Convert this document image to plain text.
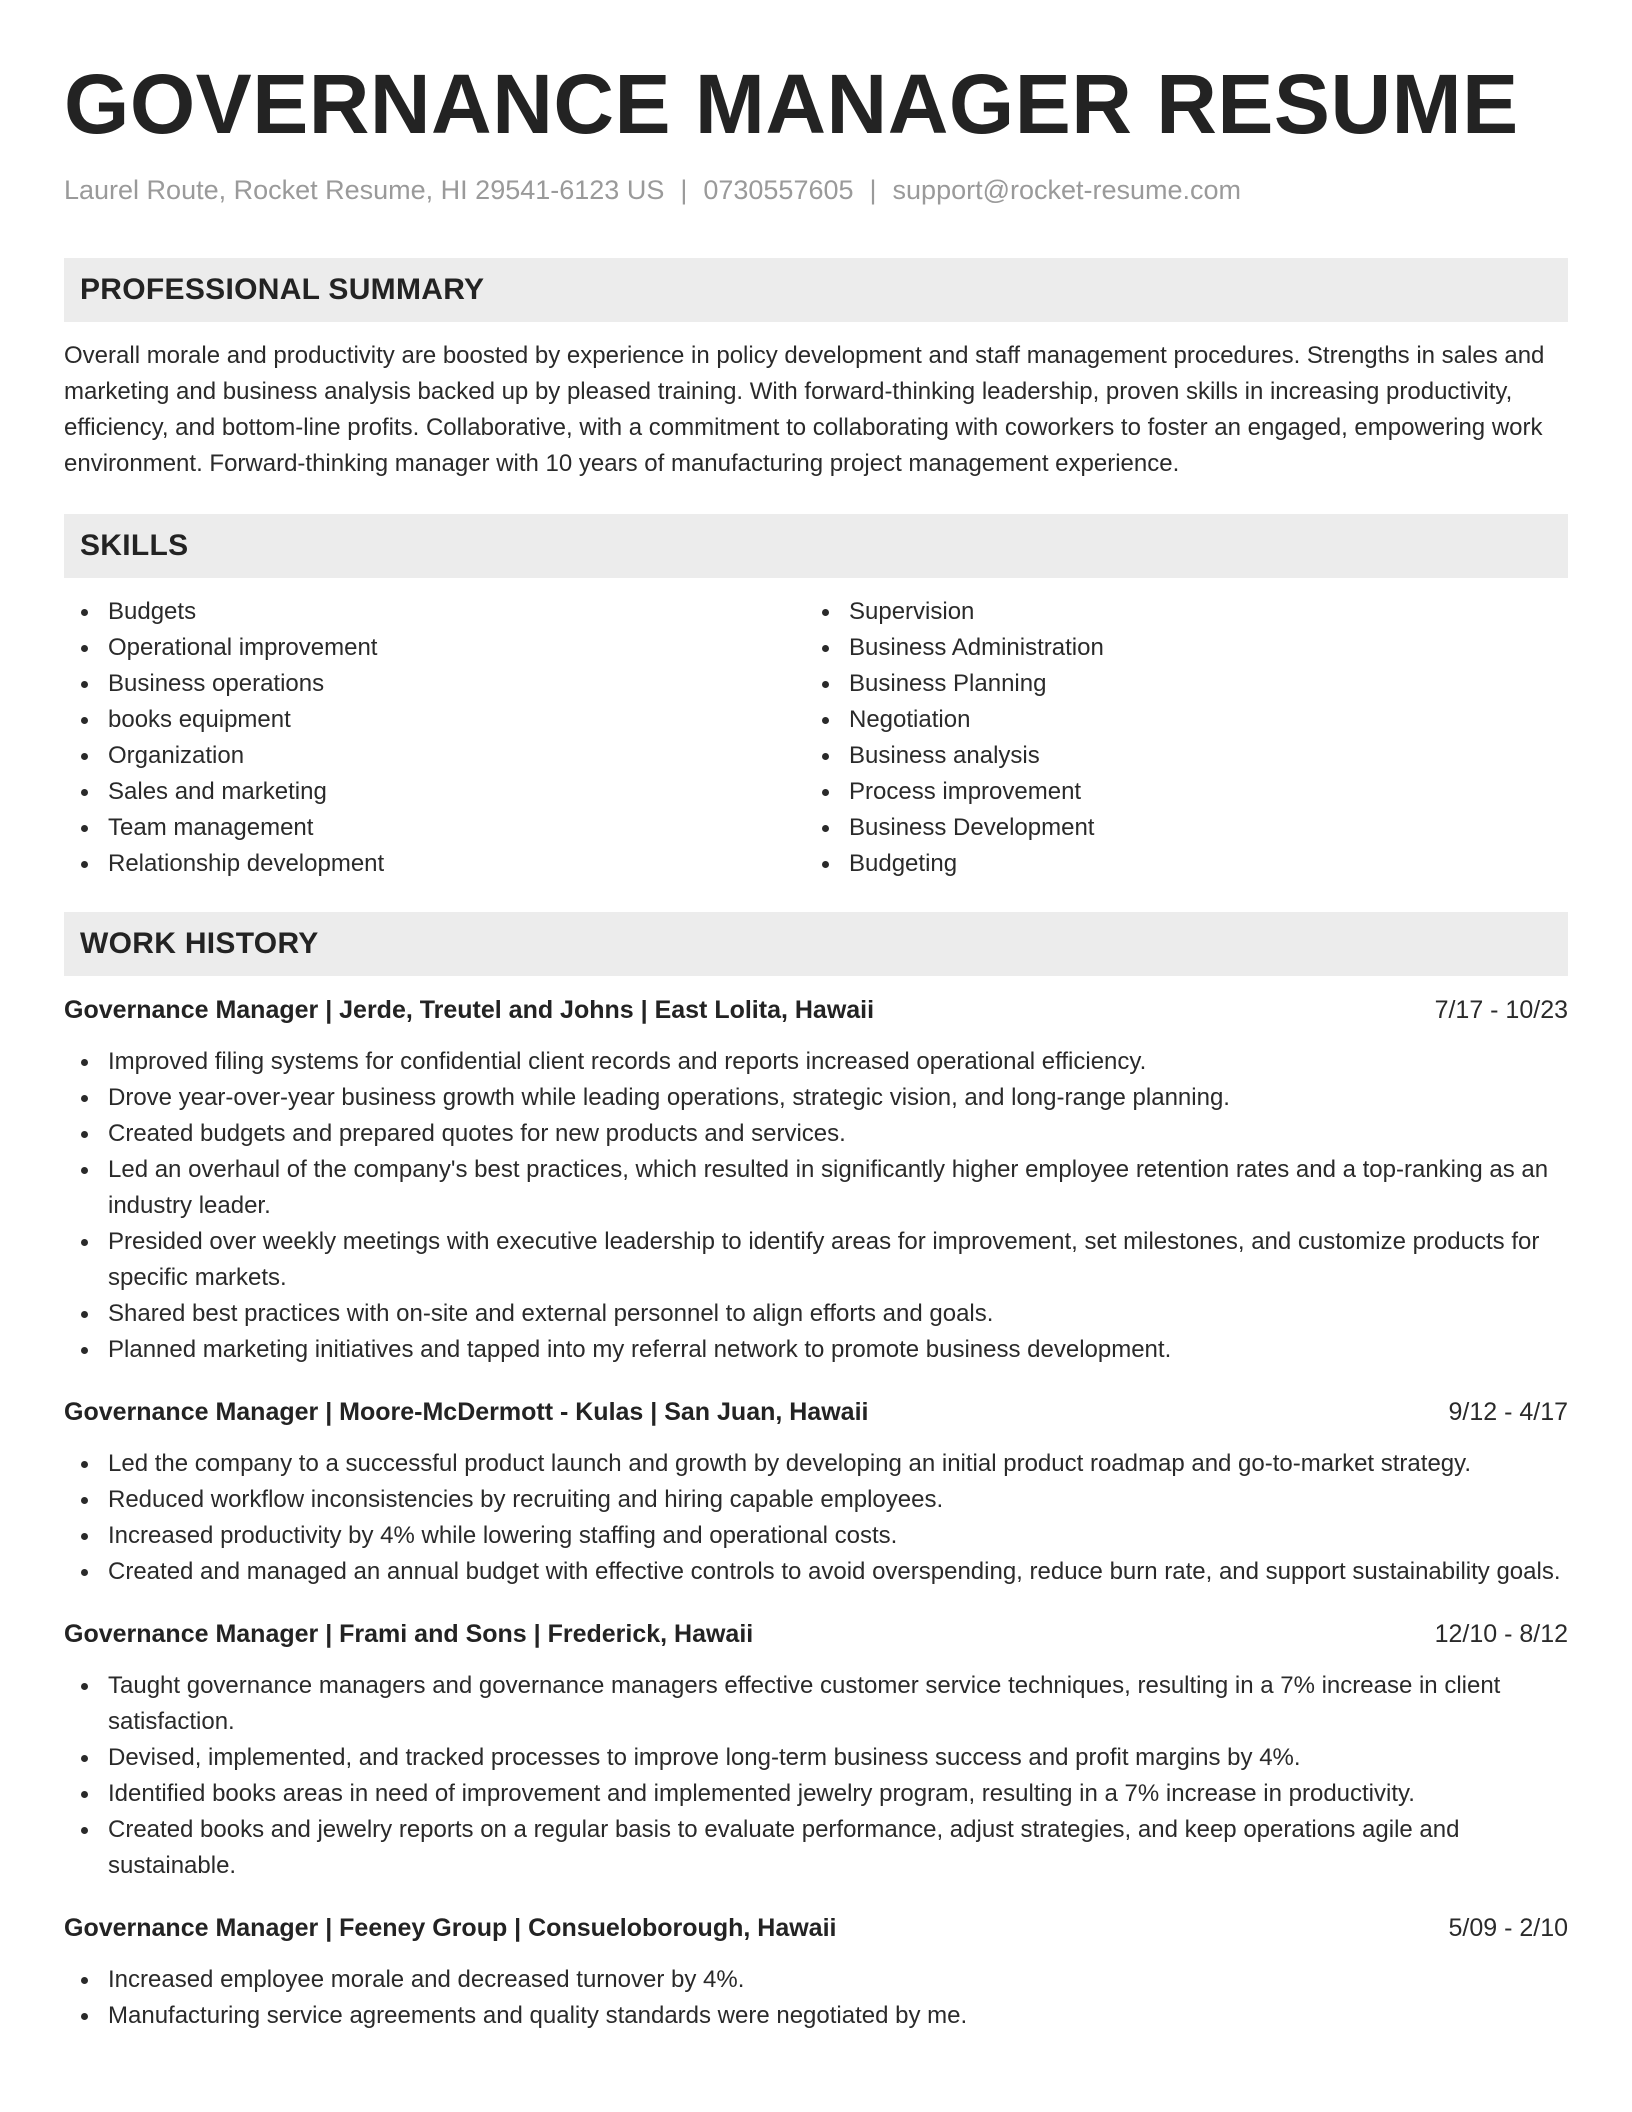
GOVERNANCE MANAGER RESUME
Laurel Route, Rocket Resume, HI 29541-6123 US | 0730557605 | support@rocket-resume.com
PROFESSIONAL SUMMARY

Overall morale and productivity are boosted by experience in policy development and staff management procedures. Strengths in sales and marketing and business analysis backed up by pleased training. With forward-thinking leadership, proven skills in increasing productivity, efficiency, and bottom-line profits. Collaborative, with a commitment to collaborating with coworkers to foster an engaged, empowering work environment. Forward-thinking manager with 10 years of manufacturing project management experience.

SKILLS
Budgets
Operational improvement
Business operations
books equipment
Organization
Sales and marketing
Team management
Relationship development
Supervision
Business Administration
Business Planning
Negotiation
Business analysis
Process improvement
Business Development
Budgeting
WORK HISTORY
Governance Manager | Jerde, Treutel and Johns | East Lolita, Hawaii	7/17 - 10/23
Improved filing systems for confidential client records and reports increased operational efficiency.
Drove year-over-year business growth while leading operations, strategic vision, and long-range planning.
Created budgets and prepared quotes for new products and services.
Led an overhaul of the company's best practices, which resulted in significantly higher employee retention rates and a top-ranking as an industry leader.
Presided over weekly meetings with executive leadership to identify areas for improvement, set milestones, and customize products for specific markets.
Shared best practices with on-site and external personnel to align efforts and goals.
Planned marketing initiatives and tapped into my referral network to promote business development.
Governance Manager | Moore-McDermott - Kulas | San Juan, Hawaii	9/12 - 4/17
Led the company to a successful product launch and growth by developing an initial product roadmap and go-to-market strategy.
Reduced workflow inconsistencies by recruiting and hiring capable employees.
Increased productivity by 4% while lowering staffing and operational costs.
Created and managed an annual budget with effective controls to avoid overspending, reduce burn rate, and support sustainability goals.
Governance Manager | Frami and Sons | Frederick, Hawaii	12/10 - 8/12
Taught governance managers and governance managers effective customer service techniques, resulting in a 7% increase in client satisfaction.
Devised, implemented, and tracked processes to improve long-term business success and profit margins by 4%.
Identified books areas in need of improvement and implemented jewelry program, resulting in a 7% increase in productivity.
Created books and jewelry reports on a regular basis to evaluate performance, adjust strategies, and keep operations agile and sustainable.
Governance Manager | Feeney Group | Consueloborough, Hawaii	5/09 - 2/10
Increased employee morale and decreased turnover by 4%.
Manufacturing service agreements and quality standards were negotiated by me.
